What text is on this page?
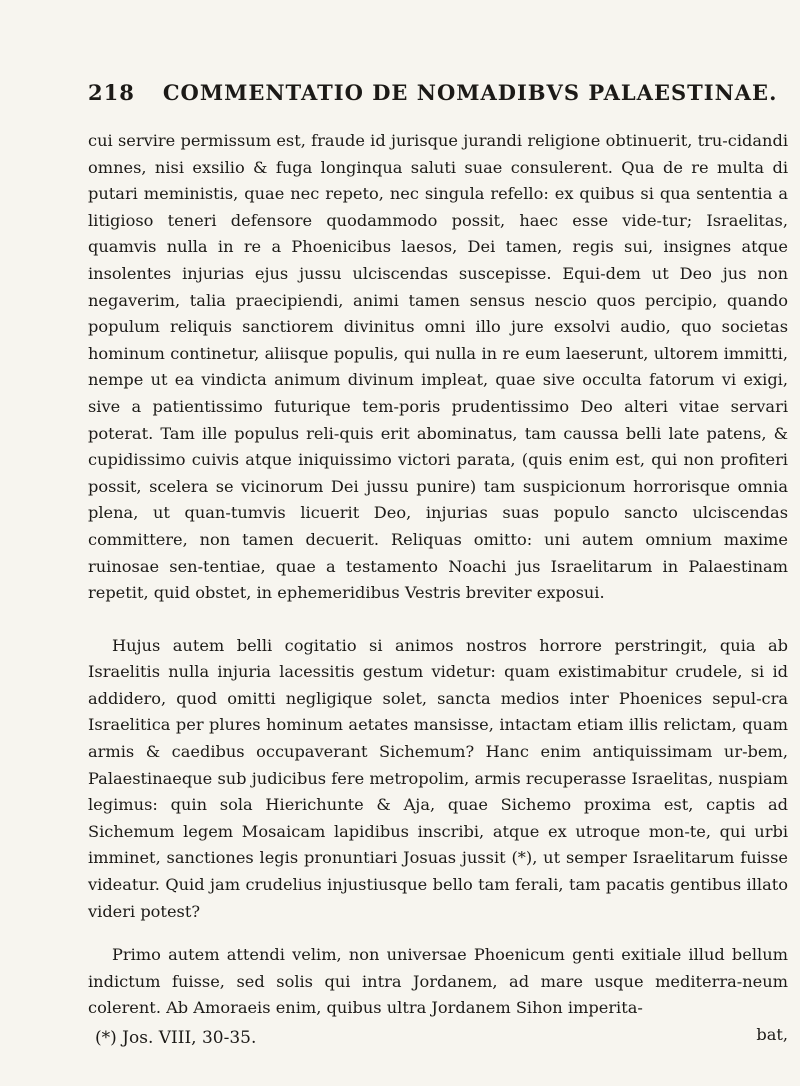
218 COMMENTATIO DE NOMADIBVS PALAESTINAE.

cui servire permissum est, fraude id jurisque jurandi religione obtinuerit, tru-cidandi omnes, nisi exsilio & fuga longinqua saluti suae consulerent. Qua de re multa di putari meministis, quae nec repeto, nec singula refello: ex quibus si qua sententia a litigioso teneri defensore quodammodo possit, haec esse vide-tur; Israelitas, quamvis nulla in re a Phoenicibus laesos, Dei tamen, regis sui, insignes atque insolentes injurias ejus jussu ulciscendas suscepisse. Equi-dem ut Deo jus non negaverim, talia praecipiendi, animi tamen sensus nescio quos percipio, quando populum reliquis sanctiorem divinitus omni illo jure exsolvi audio, quo societas hominum continetur, aliisque populis, qui nulla in re eum laeserunt, ultorem immitti, nempe ut ea vindicta animum divinum impleat, quae sive occulta fatorum vi exigi, sive a patientissimo futurique tem-poris prudentissimo Deo alteri vitae servari poterat. Tam ille populus reli-quis erit abominatus, tam caussa belli late patens, & cupidissimo cuivis atque iniquissimo victori parata, (quis enim est, qui non profiteri possit, scelera se vicinorum Dei jussu punire) tam suspicionum horrorisque omnia plena, ut quan-tumvis licuerit Deo, injurias suas populo sancto ulciscendas committere, non tamen decuerit. Reliquas omitto: uni autem omnium maxime ruinosae sen-tentiae, quae a testamento Noachi jus Israelitarum in Palaestinam repetit, quid obstet, in ephemeridibus Vestris breviter exposui.

Hujus autem belli cogitatio si animos nostros horrore perstringit, quia ab Israelitis nulla injuria lacessitis gestum videtur: quam existimabitur crudele, si id addidero, quod omitti negligique solet, sancta medios inter Phoenices sepul-cra Israelitica per plures hominum aetates mansisse, intactam etiam illis relictam, quam armis & caedibus occupaverant Sichemum? Hanc enim antiquissimam ur-bem, Palaestinaeque sub judicibus fere metropolim, armis recuperasse Israelitas, nuspiam legimus: quin sola Hierichunte & Aja, quae Sichemo proxima est, captis ad Sichemum legem Mosaicam lapidibus inscribi, atque ex utroque mon-te, qui urbi imminet, sanctiones legis pronuntiari Josuas jussit (*), ut semper Israelitarum fuisse videatur. Quid jam crudelius injustiusque bello tam ferali, tam pacatis gentibus illato videri potest?

Primo autem attendi velim, non universae Phoenicum genti exitiale illud bellum indictum fuisse, sed solis qui intra Jordanem, ad mare usque mediterra-neum colerent. Ab Amoraeis enim, quibus ultra Jordanem Sihon imperita-

bat,

(*) Jos. VIII, 30-35.
